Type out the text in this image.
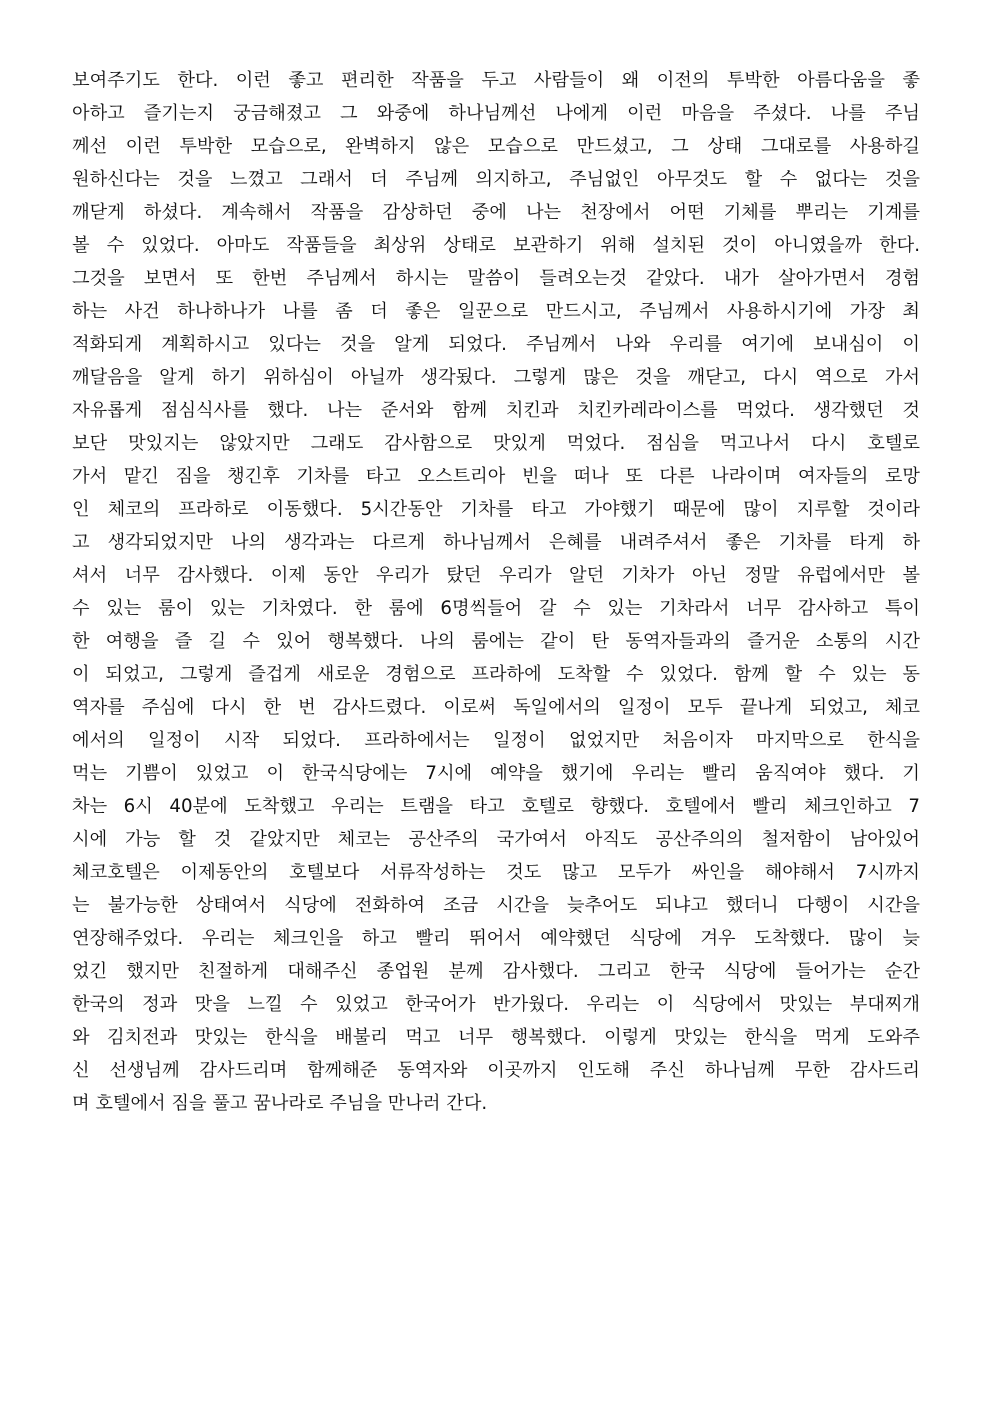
보여주기도 한다. 이런 좋고 편리한 작품을 두고 사람들이 왜 이전의 투박한 아름다움을 좋
아하고 즐기는지 궁금해졌고 그 와중에 하나님께선 나에게 이런 마음을 주셨다. 나를 주님
께선 이런 투박한 모습으로, 완벽하지 않은 모습으로 만드셨고, 그 상태 그대로를 사용하길
원하신다는 것을 느꼈고 그래서 더 주님께 의지하고, 주님없인 아무것도 할 수 없다는 것을
깨닫게 하셨다. 계속해서 작품을 감상하던 중에 나는 천장에서 어떤 기체를 뿌리는 기계를
볼 수 있었다. 아마도 작품들을 최상위 상태로 보관하기 위해 설치된 것이 아니였을까 한다.
그것을 보면서 또 한번 주님께서 하시는 말씀이 들려오는것 같았다. 내가 살아가면서 경험
하는 사건 하나하나가 나를 좀 더 좋은 일꾼으로 만드시고, 주님께서 사용하시기에 가장 최
적화되게 계획하시고 있다는 것을 알게 되었다. 주님께서 나와 우리를 여기에 보내심이 이
깨달음을 알게 하기 위하심이 아닐까 생각됬다. 그렇게 많은 것을 깨닫고, 다시 역으로 가서
자유롭게 점심식사를 했다. 나는 준서와 함께 치킨과 치킨카레라이스를 먹었다. 생각했던 것
보단 맛있지는 않았지만 그래도 감사함으로 맛있게 먹었다. 점심을 먹고나서 다시 호텔로
가서 맡긴 짐을 챙긴후 기차를 타고 오스트리아 빈을 떠나 또 다른 나라이며 여자들의 로망
인 체코의 프라하로 이동했다. 5시간동안 기차를 타고 가야했기 때문에 많이 지루할 것이라
고 생각되었지만 나의 생각과는 다르게 하나님께서 은혜를 내려주셔서 좋은 기차를 타게 하
셔서 너무 감사했다. 이제 동안 우리가 탔던 우리가 알던 기차가 아닌 정말 유럽에서만 볼
수 있는 룸이 있는 기차였다. 한 룸에 6명씩들어 갈 수 있는 기차라서 너무 감사하고 특이
한 여행을 즐 길 수 있어 행복했다. 나의 룸에는 같이 탄 동역자들과의 즐거운 소통의 시간
이 되었고, 그렇게 즐겁게 새로운 경험으로 프라하에 도착할 수 있었다. 함께 할 수 있는 동
역자를 주심에 다시 한 번 감사드렸다. 이로써 독일에서의 일정이 모두 끝나게 되었고, 체코
에서의 일정이 시작 되었다. 프라하에서는 일정이 없었지만 처음이자 마지막으로 한식을
먹는 기쁨이 있었고 이 한국식당에는 7시에 예약을 했기에 우리는 빨리 움직여야 했다. 기
차는 6시 40분에 도착했고 우리는 트램을 타고 호텔로 향했다. 호텔에서 빨리 체크인하고 7
시에 가능 할 것 같았지만 체코는 공산주의 국가여서 아직도 공산주의의 철저함이 남아있어
체코호텔은 이제동안의 호텔보다 서류작성하는 것도 많고 모두가 싸인을 해야해서 7시까지
는 불가능한 상태여서 식당에 전화하여 조금 시간을 늦추어도 되냐고 했더니 다행이 시간을
연장해주었다. 우리는 체크인을 하고 빨리 뛰어서 예약했던 식당에 겨우 도착했다. 많이 늦
었긴 했지만 친절하게 대해주신 종업원 분께 감사했다. 그리고 한국 식당에 들어가는 순간
한국의 정과 맛을 느낄 수 있었고 한국어가 반가웠다. 우리는 이 식당에서 맛있는 부대찌개
와 김치전과 맛있는 한식을 배불리 먹고 너무 행복했다. 이렇게 맛있는 한식을 먹게 도와주
신 선생님께 감사드리며 함께해준 동역자와 이곳까지 인도해 주신 하나님께 무한 감사드리
며 호텔에서 짐을 풀고 꿈나라로 주님을 만나러 간다.
